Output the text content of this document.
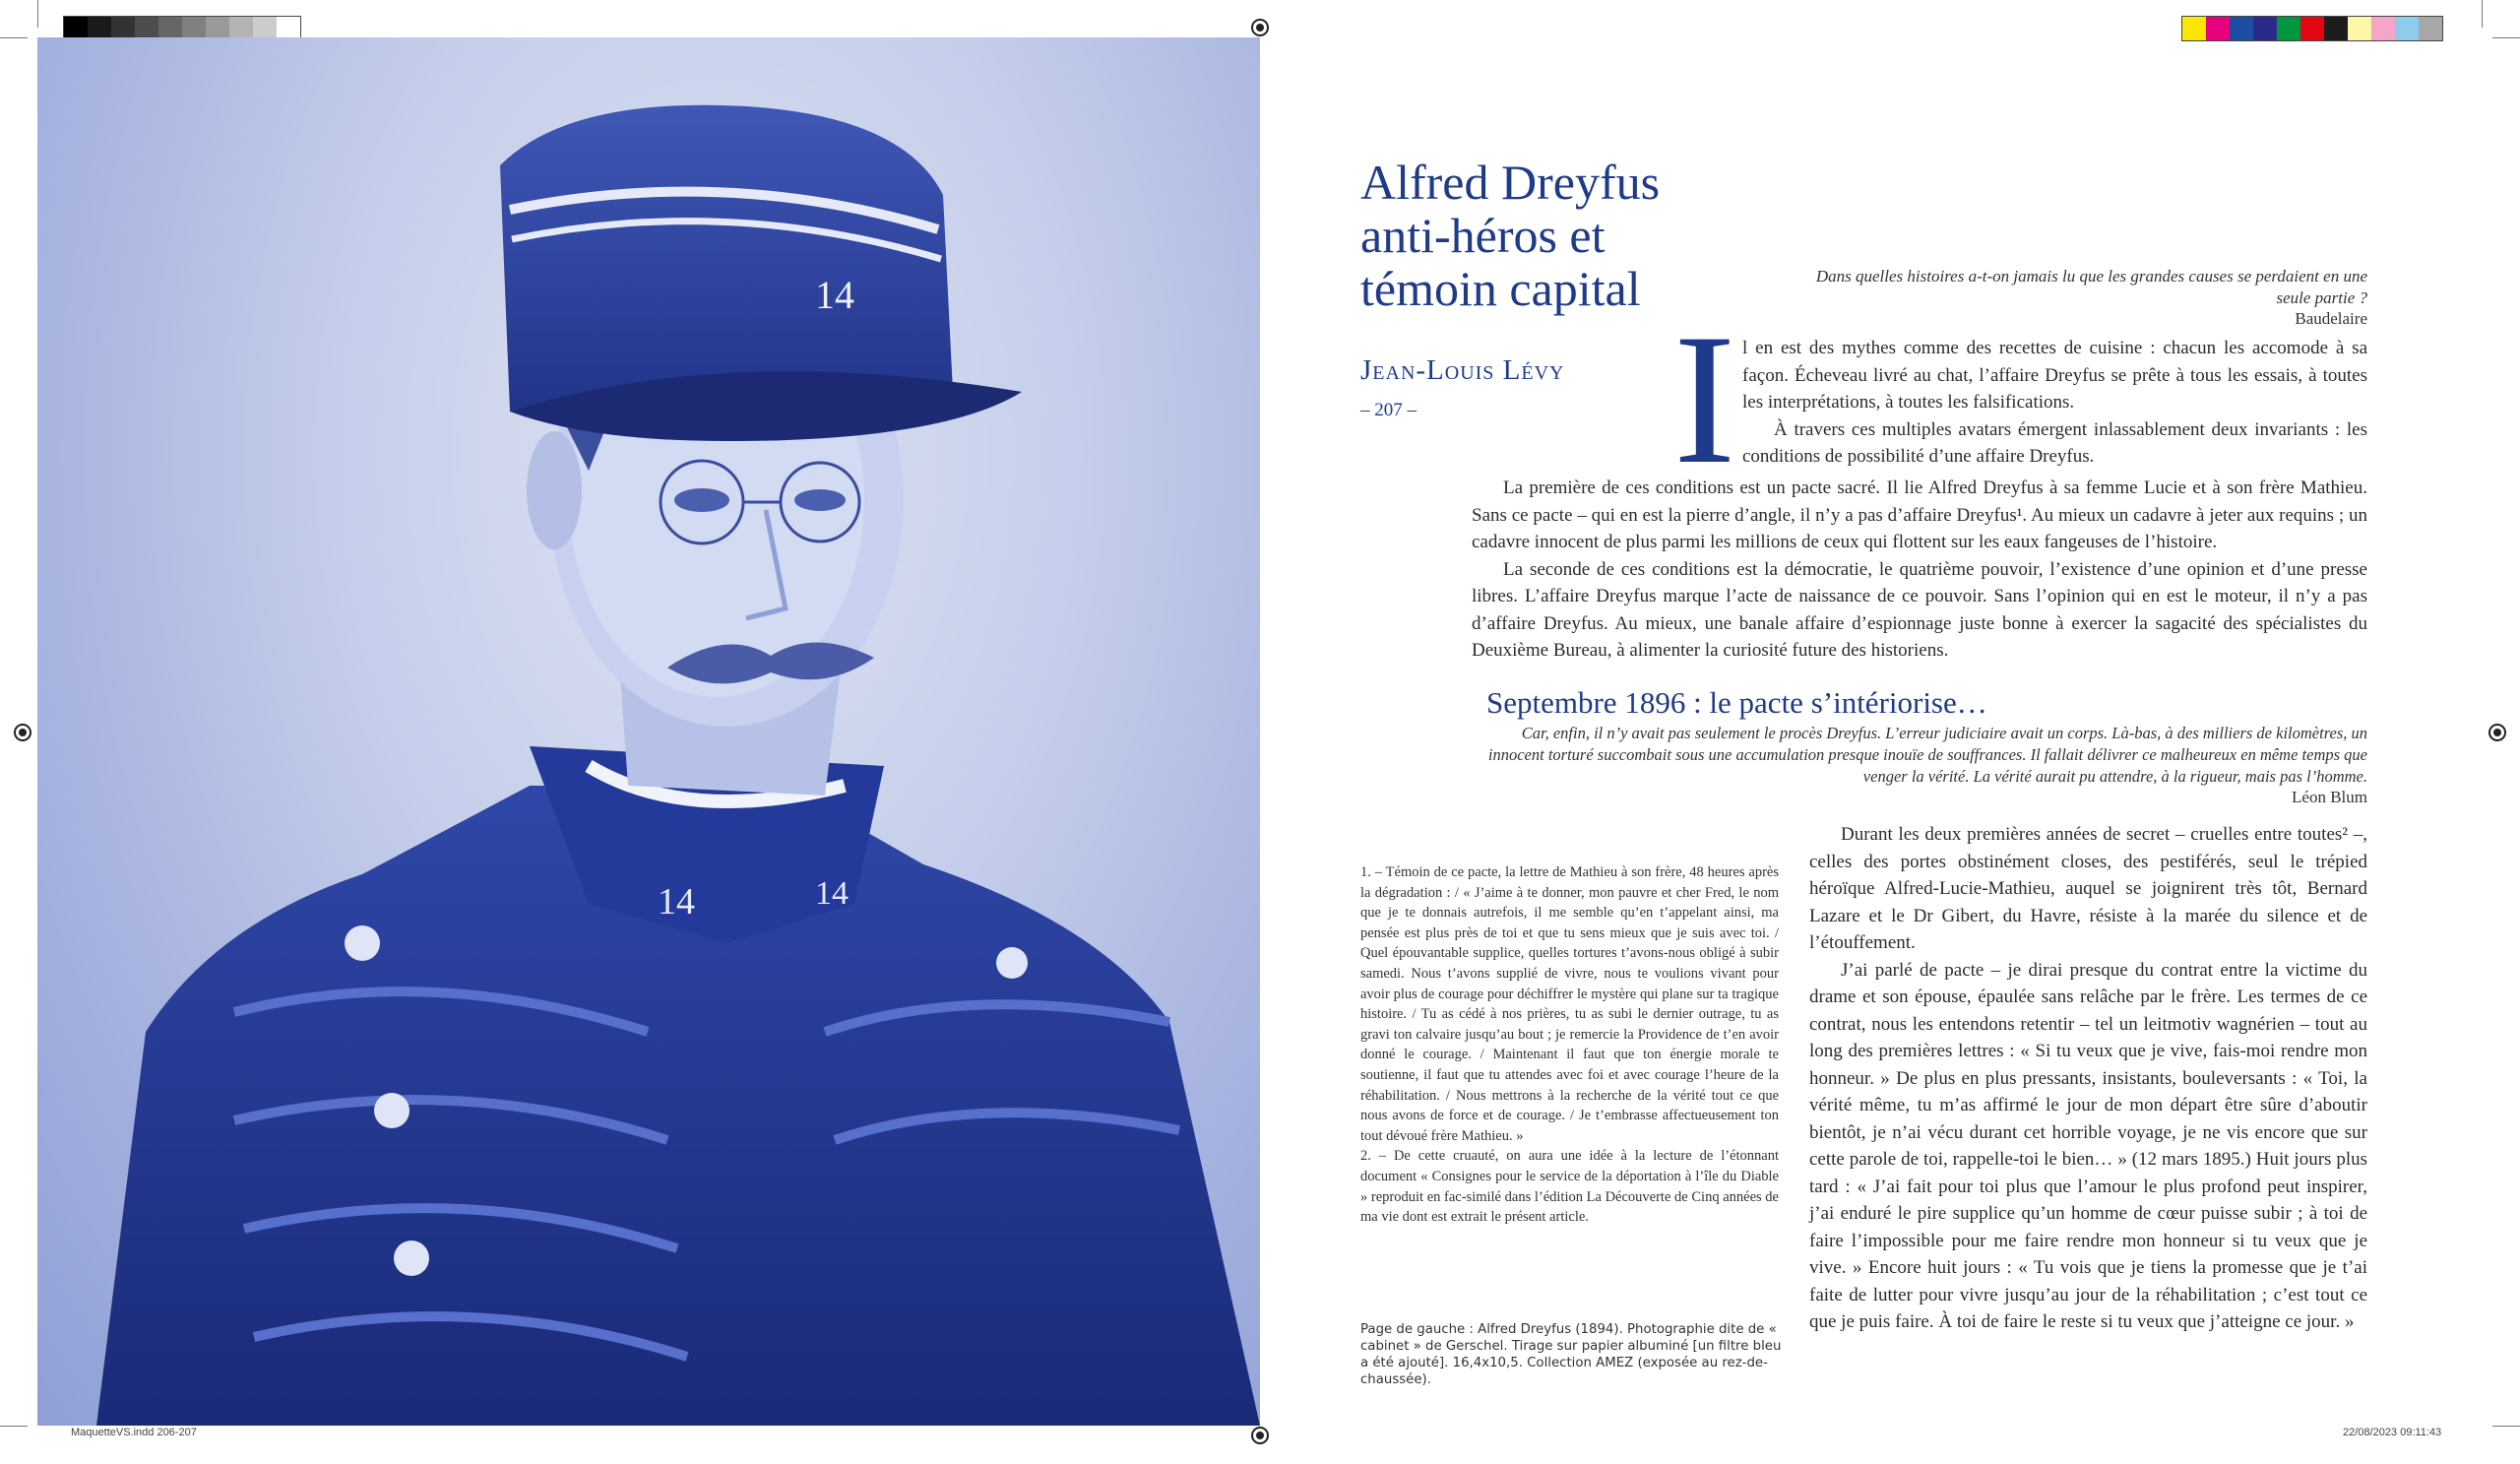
14	14
14
Alfred Dreyfus anti-héros et témoin capital
Jean-Louis Lévy
– 207 –
Dans quelles histoires a-t-on jamais lu que les grandes causes se perdaient en une seule partie ?
Baudelaire
I l en est des mythes comme des recettes de cuisine : chacun les accomode à sa façon. Écheveau livré au chat, l’affaire Dreyfus se prête à tous les essais, à toutes les interprétations, à toutes les falsifications.

À travers ces multiples avatars émergent inlassablement deux invariants : les conditions de possibilité d’une affaire Dreyfus.

La première de ces conditions est un pacte sacré. Il lie Alfred Dreyfus à sa femme Lucie et à son frère Mathieu. Sans ce pacte – qui en est la pierre d’angle, il n’y a pas d’affaire Dreyfus¹. Au mieux un cadavre à jeter aux requins ; un cadavre innocent de plus parmi les millions de ceux qui flottent sur les eaux fangeuses de l’histoire.

La seconde de ces conditions est la démocratie, le quatrième pouvoir, l’existence d’une opinion et d’une presse libres. L’affaire Dreyfus marque l’acte de naissance de ce pouvoir. Sans l’opinion qui en est le moteur, il n’y a pas d’affaire Dreyfus. Au mieux, une banale affaire d’espionnage juste bonne à exercer la sagacité des spécialistes du Deuxième Bureau, à alimenter la curiosité future des historiens.

Septembre 1896 : le pacte s’intériorise…
Car, enfin, il n’y avait pas seulement le procès Dreyfus. L’erreur judiciaire avait un corps. Là-bas, à des milliers de kilomètres, un innocent torturé succombait sous une accumulation presque inouïe de souffrances. Il fallait délivrer ce malheureux en même temps que venger la vérité. La vérité aurait pu attendre, à la rigueur, mais pas l’homme.
Léon Blum

Durant les deux premières années de secret – cruelles entre toutes² –, celles des portes obstinément closes, des pestiférés, seul le trépied héroïque Alfred-Lucie-Mathieu, auquel se joignirent très tôt, Bernard Lazare et le Dr Gibert, du Havre, résiste à la marée du silence et de l’étouffement.

J’ai parlé de pacte – je dirai presque du contrat entre la victime du drame et son épouse, épaulée sans relâche par le frère. Les termes de ce contrat, nous les entendons retentir – tel un leitmotiv wagnérien – tout au long des premières lettres : « Si tu veux que je vive, fais-moi rendre mon honneur. » De plus en plus pressants, insistants, bouleversants : « Toi, la vérité même, tu m’as affirmé le jour de mon départ être sûre d’aboutir bientôt, je n’ai vécu durant cet horrible voyage, je ne vis encore que sur cette parole de toi, rappelle-toi le bien… » (12 mars 1895.) Huit jours plus tard : « J’ai fait pour toi plus que l’amour le plus profond peut inspirer, j’ai enduré le pire supplice qu’un homme de cœur puisse subir ; à toi de faire l’impossible pour me faire rendre mon honneur si tu veux que je vive. » Encore huit jours : « Tu vois que je tiens la promesse que je t’ai faite de lutter pour vivre jusqu’au jour de la réhabilitation ; c’est tout ce que je puis faire. À toi de faire le reste si tu veux que j’atteigne ce jour. »

1. – Témoin de ce pacte, la lettre de Mathieu à son frère, 48 heures après la dégradation : / « J’aime à te donner, mon pauvre et cher Fred, le nom que je te donnais autrefois, il me semble qu’en t’appelant ainsi, ma pensée est plus près de toi et que tu sens mieux que je suis avec toi. / Quel épouvantable supplice, quelles tortures t’avons-nous obligé à subir samedi. Nous t’avons supplié de vivre, nous te voulions vivant pour avoir plus de courage pour déchiffrer le mystère qui plane sur ta tragique histoire. / Tu as cédé à nos prières, tu as subi le dernier outrage, tu as gravi ton calvaire jusqu’au bout ; je remercie la Providence de t’en avoir donné le courage. / Maintenant il faut que ton énergie morale te soutienne, il faut que tu attendes avec foi et avec courage l’heure de la réhabilitation. / Nous mettrons à la recherche de la vérité tout ce que nous avons de force et de courage. / Je t’embrasse affectueusement ton tout dévoué frère Mathieu. »

2. – De cette cruauté, on aura une idée à la lecture de l’étonnant document « Consignes pour le service de la déportation à l’île du Diable » reproduit en fac-similé dans l’édition La Découverte de Cinq années de ma vie dont est extrait le présent article.

Page de gauche : Alfred Dreyfus (1894). Photographie dite de « cabinet » de Gerschel. Tirage sur papier albuminé [un filtre bleu a été ajouté]. 16,4x10,5. Collection AMEZ (exposée au rez-de-chaussée).
MaquetteVS.indd 206-207	22/08/2023 09:11:43
